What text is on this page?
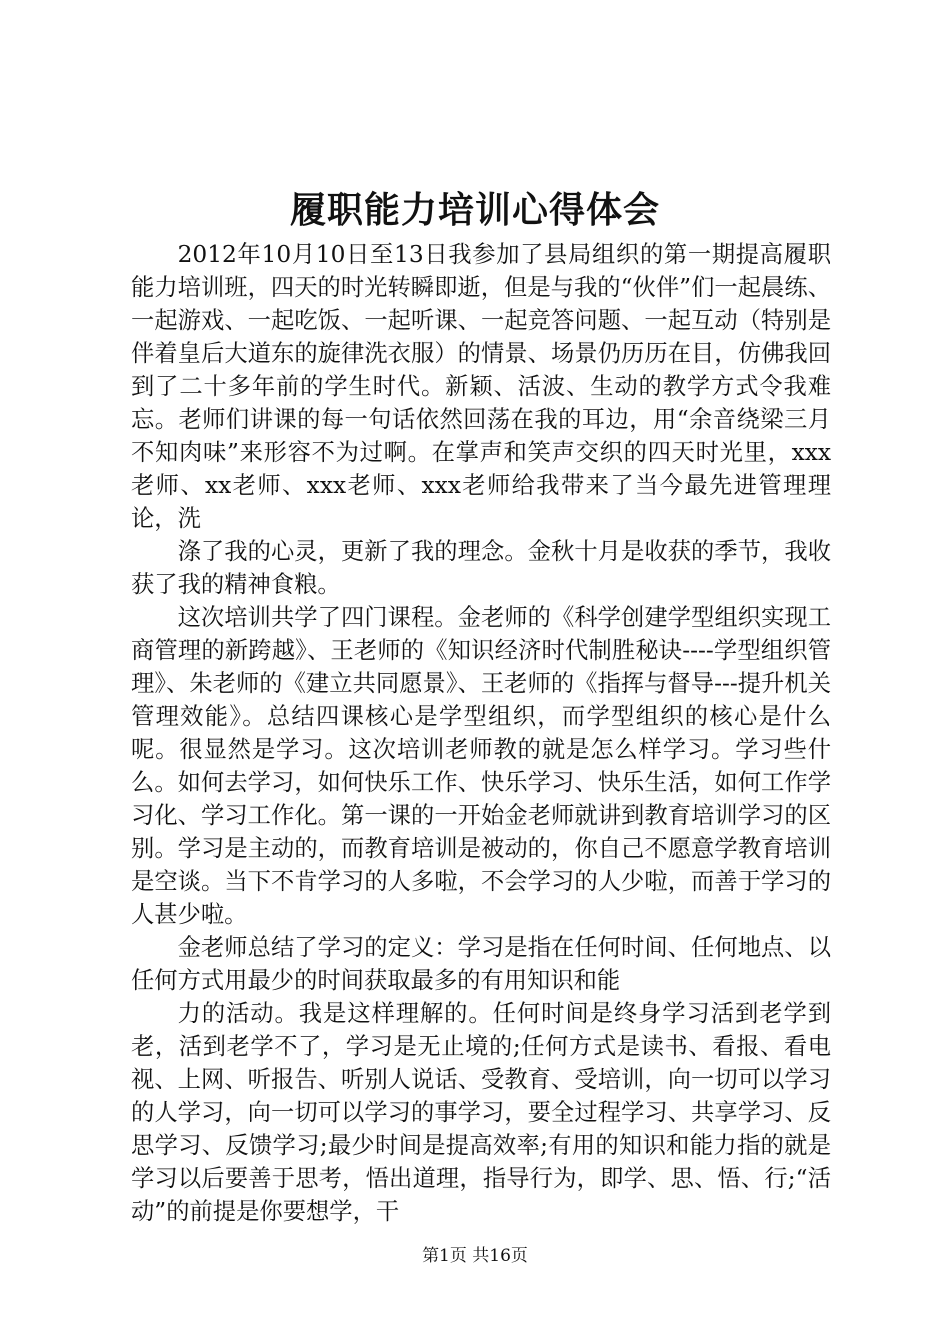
履职能力培训心得体会

2012年10月10日至13日我参加了县局组织的第一期提高履职能力培训班，四天的时光转瞬即逝，但是与我的“伙伴”们一起晨练、一起游戏、一起吃饭、一起听课、一起竞答问题、一起互动（特别是伴着皇后大道东的旋律洗衣服）的情景、场景仍历历在目，仿佛我回到了二十多年前的学生时代。新颖、活波、生动的教学方式令我难忘。老师们讲课的每一句话依然回荡在我的耳边，用“余音绕梁三月不知肉味”来形容不为过啊。在掌声和笑声交织的四天时光里，xxx老师、xx老师、xxx老师、xxx老师给我带来了当今最先进管理理论，洗

涤了我的心灵，更新了我的理念。金秋十月是收获的季节，我收获了我的精神食粮。

这次培训共学了四门课程。金老师的《科学创建学型组织实现工商管理的新跨越》、王老师的《知识经济时代制胜秘诀----学型组织管理》、朱老师的《建立共同愿景》、王老师的《指挥与督导---提升机关管理效能》。总结四课核心是学型组织，而学型组织的核心是什么呢。很显然是学习。这次培训老师教的就是怎么样学习。学习些什么。如何去学习，如何快乐工作、快乐学习、快乐生活，如何工作学习化、学习工作化。第一课的一开始金老师就讲到教育培训学习的区别。学习是主动的，而教育培训是被动的，你自己不愿意学教育培训是空谈。当下不肯学习的人多啦，不会学习的人少啦，而善于学习的人甚少啦。

金老师总结了学习的定义：学习是指在任何时间、任何地点、以任何方式用最少的时间获取最多的有用知识和能

力的活动。我是这样理解的。任何时间是终身学习活到老学到老，活到老学不了，学习是无止境的;任何方式是读书、看报、看电视、上网、听报告、听别人说话、受教育、受培训，向一切可以学习的人学习，向一切可以学习的事学习，要全过程学习、共享学习、反思学习、反馈学习;最少时间是提高效率;有用的知识和能力指的就是学习以后要善于思考，悟出道理，指导行为，即学、思、悟、行;“活动”的前提是你要想学，干

第1页 共16页
